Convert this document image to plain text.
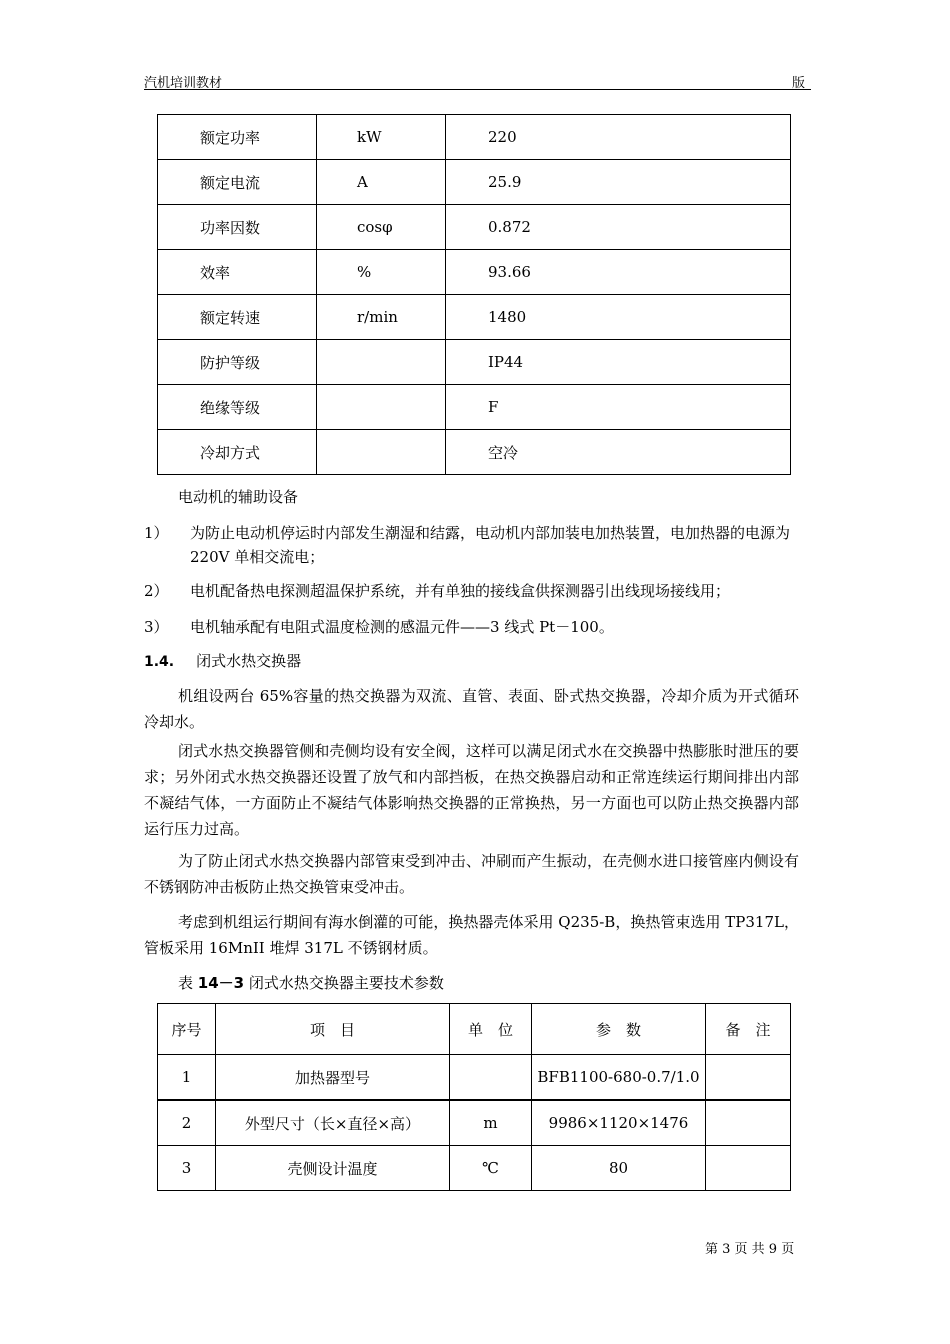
汽机培训教材	版
额定功率	kW	220
额定电流	A	25.9
功率因数	cosφ	0.872
效率	%	93.66
额定转速	r/min	1480
防护等级		IP44
绝缘等级		F
冷却方式		空冷
电动机的辅助设备
1） 为防止电动机停运时内部发生潮湿和结露，电动机内部加装电加热装置，电加热器的电源为 220V 单相交流电；
2） 电机配备热电探测超温保护系统，并有单独的接线盒供探测器引出线现场接线用；
3） 电机轴承配有电阻式温度检测的感温元件——3 线式 Pt－100。
1.4. 闭式水热交换器
机组设两台 65%容量的热交换器为双流、直管、表面、卧式热交换器，冷却介质为开式循环冷却水。
闭式水热交换器管侧和壳侧均设有安全阀，这样可以满足闭式水在交换器中热膨胀时泄压的要求；另外闭式水热交换器还设置了放气和内部挡板，在热交换器启动和正常连续运行期间排出内部不凝结气体，一方面防止不凝结气体影响热交换器的正常换热，另一方面也可以防止热交换器内部运行压力过高。
为了防止闭式水热交换器内部管束受到冲击、冲刷而产生振动，在壳侧水进口接管座内侧设有不锈钢防冲击板防止热交换管束受冲击。
考虑到机组运行期间有海水倒灌的可能，换热器壳体采用 Q235-B，换热管束选用 TP317L，管板采用 16MnII 堆焊 317L 不锈钢材质。
表 14－3 闭式水热交换器主要技术参数
序号	项　目	单　位	参　数	备　注
1	加热器型号		BFB1100-680-0.7/1.0	
2	外型尺寸（长×直径×高）	m	9986×1120×1476	
3	壳侧设计温度	℃	80	
第 3 页 共 9 页
